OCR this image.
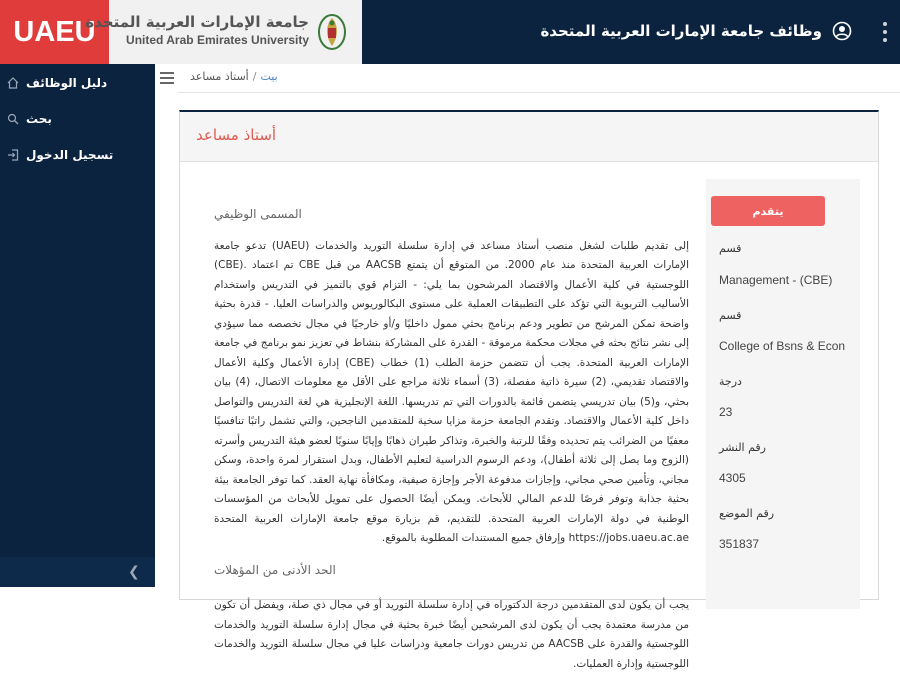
UAEU
جامعة الإمارات العربية المتحدة
United Arab Emirates University	وظائف جامعة الإمارات العربية المتحدة
دليل الوظائف
بحث
تسجيل الدخول
❮
بيت/أستاذ مساعد
أستاذ مساعد
المسمى الوظيفي
إلى تقديم طلبات لشغل منصب أستاذ مساعد في إدارة سلسلة التوريد والخدمات (UAEU) تدعو جامعة الإمارات العربية المتحدة منذ عام 2000. من المتوقع أن يتمتع AACSB من قبل CBE تم اعتماد .(CBE) اللوجستية في كلية الأعمال والاقتصاد المرشحون بما يلي: - التزام قوي بالتميز في التدريس واستخدام الأساليب التربوية التي تؤكد على التطبيقات العملية على مستوى البكالوريوس والدراسات العليا. - قدرة بحثية واضحة تمكن المرشح من تطوير ودعم برنامج بحثي ممول داخليًا و/أو خارجيًا في مجال تخصصه مما سيؤدي إلى نشر نتائج بحثه في مجلات محكمة مرموقة - القدرة على المشاركة بنشاط في تعزيز نمو برنامج في جامعة الإمارات العربية المتحدة. يجب أن تتضمن حزمة الطلب (1) خطاب (CBE) إدارة الأعمال وكلية الأعمال والاقتصاد تقديمي، (2) سيرة ذاتية مفصلة، (3) أسماء ثلاثة مراجع على الأقل مع معلومات الاتصال، (4) بيان بحثي، و(5) بيان تدريسي يتضمن قائمة بالدورات التي تم تدريسها. اللغة الإنجليزية هي لغة التدريس والتواصل داخل كلية الأعمال والاقتصاد. وتقدم الجامعة حزمة مزايا سخية للمتقدمين الناجحين، والتي تشمل راتبًا تنافسيًا معفيًا من الضرائب يتم تحديده وفقًا للرتبة والخبرة، وتذاكر طيران ذهابًا وإيابًا سنويًا لعضو هيئة التدريس وأسرته (الزوج وما يصل إلى ثلاثة أطفال)، ودعم الرسوم الدراسية لتعليم الأطفال، وبدل استقرار لمرة واحدة، وسكن مجاني، وتأمين صحي مجاني، وإجازات مدفوعة الأجر وإجازة صيفية، ومكافأة نهاية العقد. كما توفر الجامعة بيئة بحثية جذابة وتوفر فرصًا للدعم المالي للأبحاث. ويمكن أيضًا الحصول على تمويل للأبحاث من المؤسسات الوطنية في دولة الإمارات العربية المتحدة. للتقديم، قم بزيارة موقع جامعة الإمارات العربية المتحدة https://jobs.uaeu.ac.ae وإرفاق جميع المستندات المطلوبة بالموقع.
الحد الأدنى من المؤهلات
يجب أن يكون لدى المتقدمين درجة الدكتوراه في إدارة سلسلة التوريد أو في مجال ذي صلة، ويفضل أن تكون من مدرسة معتمدة يجب أن يكون لدى المرشحين أيضًا خبرة بحثية في مجال إدارة سلسلة التوريد والخدمات اللوجستية والقدرة على AACSB من تدريس دورات جامعية ودراسات عليا في مجال سلسلة التوريد والخدمات اللوجستية وإدارة العمليات.
يتقدم
قسم
Management - (CBE)
قسم
College of Bsns & Econ
درجة
23
رقم النشر
4305
رقم الموضع
351837
